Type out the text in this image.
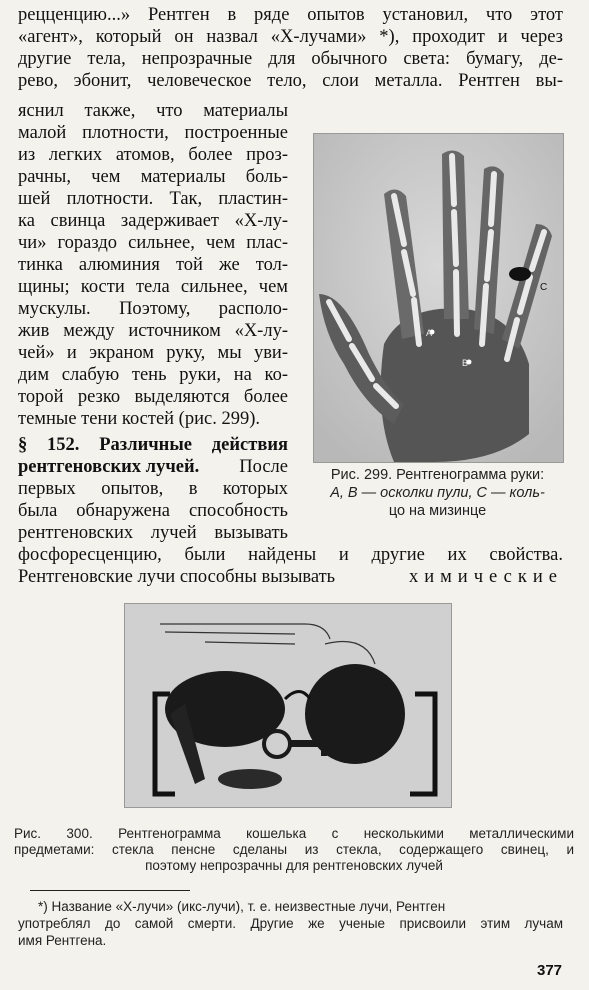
рецценцию...» Рентген в ряде опытов установил, что этот
«агент», который он назвал «X-лучами» *), проходит и через
другие тела, непрозрачные для обычного света: бумагу, де-
рево, эбонит, человеческое тело, слои металла. Рентген вы-
яснил также, что материалы
малой плотности, построенные
из легких атомов, более проз-
рачны, чем материалы боль-
шей плотности. Так, пластин-
ка свинца задерживает «X-лу-
чи» гораздо сильнее, чем плас-
тинка алюминия той же тол-
щины; кости тела сильнее, чем
мускулы. Поэтому, располо-
жив между источником «X-лу-
чей» и экраном руку, мы уви-
дим слабую тень руки, на ко-
торой резко выделяются более
темные тени костей (рис. 299).
§ 152. Различные действия
рентгеновских лучей. После
первых опытов, в которых
была обнаружена способность
рентгеновских лучей вызывать
фосфоресценцию, были найдены и другие их свойства.
Рентгеновские лучи способны вызывать	химические
A
B
C
Рис. 299. Рентгенограмма руки:
A, B — осколки пули, C — коль-
цо на мизинце
Рис. 300. Рентгенограмма кошелька с несколькими металлическими
предметами: стекла пенсне сделаны из стекла, содержащего свинец, и
поэтому непрозрачны для рентгеновских лучей
*) Название «X-лучи» (икс-лучи), т. е. неизвестные лучи, Рентген
употреблял до самой смерти. Другие же ученые присвоили этим лучам
имя Рентгена.
377
